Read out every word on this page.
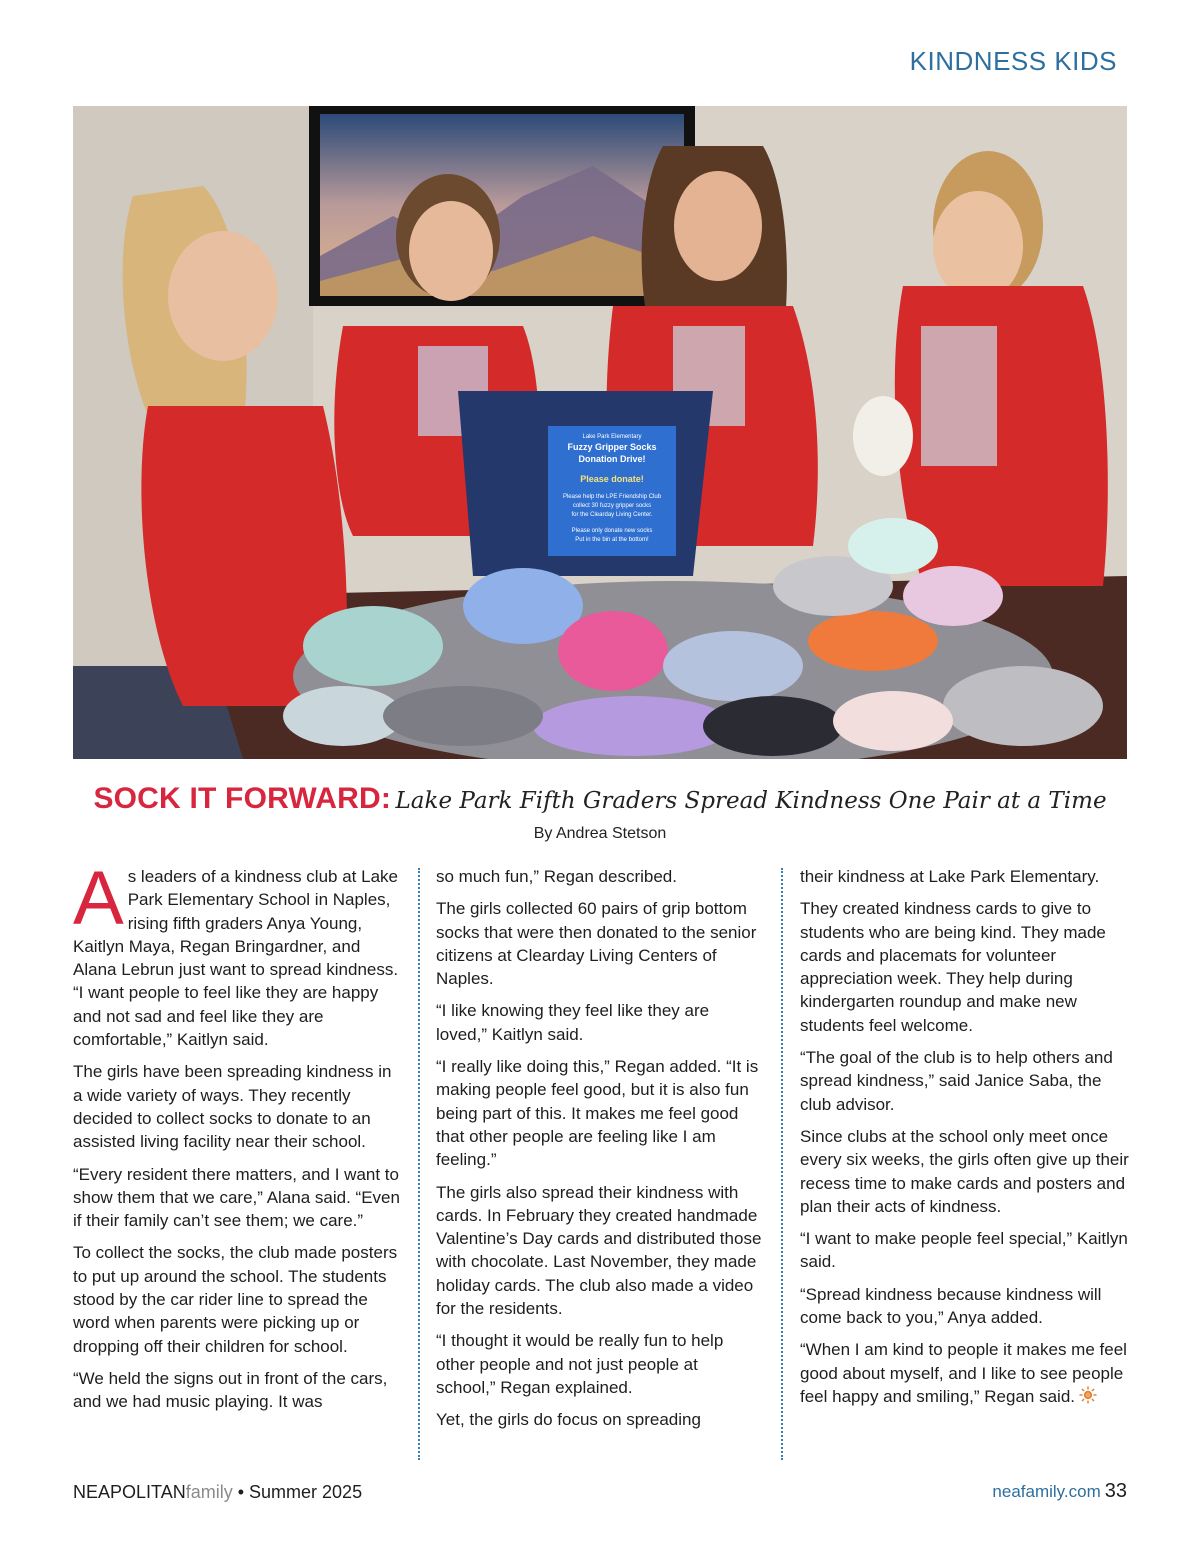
KINDNESS KIDS
Lake Park Elementary
Fuzzy Gripper Socks
Donation Drive!
Please donate!
Please help the LPE Friendship Club
collect 30 fuzzy gripper socks
for the Clearday Living Center.
Please only donate new socks
Put in the bin at the bottom!
SOCK IT FORWARD: Lake Park Fifth Graders Spread Kindness One Pair at a Time
By Andrea Stetson

As leaders of a kindness club at Lake Park Elementary School in Naples, rising fifth graders Anya Young, Kaitlyn Maya, Regan Bringardner, and Alana Lebrun just want to spread kindness. “I want people to feel like they are happy and not sad and feel like they are comfortable,” Kaitlyn said.

The girls have been spreading kindness in a wide variety of ways. They recently decided to collect socks to donate to an assisted living facility near their school.

“Every resident there matters, and I want to show them that we care,” Alana said. “Even if their family can’t see them; we care.”

To collect the socks, the club made posters to put up around the school. The students stood by the car rider line to spread the word when parents were picking up or dropping off their children for school.

“We held the signs out in front of the cars, and we had music playing. It was

so much fun,” Regan described.

The girls collected 60 pairs of grip bottom socks that were then donated to the senior citizens at Clearday Living Centers of Naples.

“I like knowing they feel like they are loved,” Kaitlyn said.

“I really like doing this,” Regan added. “It is making people feel good, but it is also fun being part of this. It makes me feel good that other people are feeling like I am feeling.”

The girls also spread their kindness with cards. In February they created handmade Valentine’s Day cards and distributed those with chocolate. Last November, they made holiday cards. The club also made a video for the residents.

“I thought it would be really fun to help other people and not just people at school,” Regan explained.

Yet, the girls do focus on spreading

their kindness at Lake Park Elementary.

They created kindness cards to give to students who are being kind. They made cards and placemats for volunteer appreciation week. They help during kindergarten roundup and make new students feel welcome.

“The goal of the club is to help others and spread kindness,” said Janice Saba, the club advisor.

Since clubs at the school only meet once every six weeks, the girls often give up their recess time to make cards and posters and plan their acts of kindness.

“I want to make people feel special,” Kaitlyn said.

“Spread kindness because kindness will come back to you,” Anya added.

“When I am kind to people it makes me feel good about myself, and I like to see people feel happy and smiling,” Regan said.

NEAPOLITANfamily • Summer 2025	neafamily.com 33
